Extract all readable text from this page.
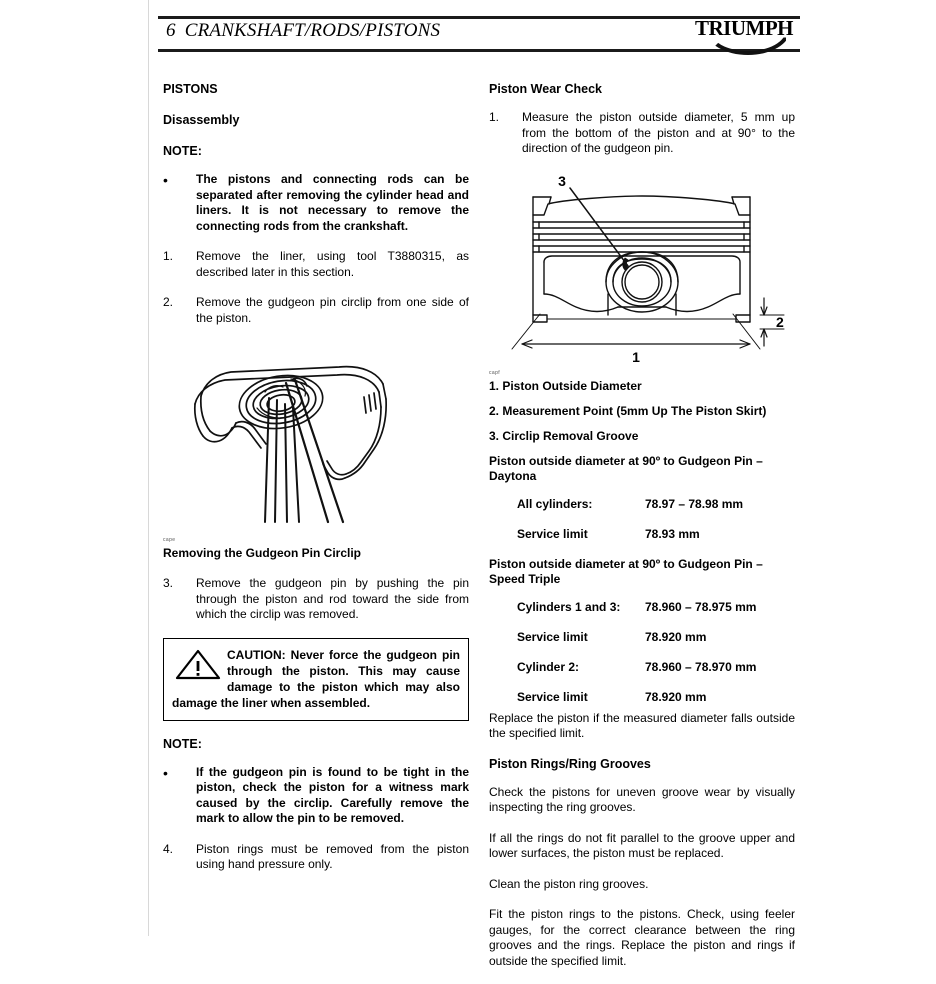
6 CRANKSHAFT/RODS/PISTONS	TRIUMPH
PISTONS
Disassembly
NOTE:
• The pistons and connecting rods can be separated after removing the cylinder head and liners. It is not necessary to remove the connecting rods from the crankshaft.
1. Remove the liner, using tool T3880315, as described later in this section.
2. Remove the gudgeon pin circlip from one side of the piston.
cape
Removing the Gudgeon Pin Circlip
3. Remove the gudgeon pin by pushing the pin through the piston and rod toward the side from which the circlip was removed.
CAUTION: Never force the gudgeon pin through the piston. This may cause damage to the piston which may also damage the liner when assembled.
NOTE:
• If the gudgeon pin is found to be tight in the piston, check the piston for a witness mark caused by the circlip. Carefully remove the mark to allow the pin to be removed.
4. Piston rings must be removed from the piston using hand pressure only.
Piston Wear Check
1. Measure the piston outside diameter, 5 mm up from the bottom of the piston and at 90° to the direction of the gudgeon pin.
capf
1. Piston Outside Diameter
2. Measurement Point (5mm Up The Piston Skirt)
3. Circlip Removal Groove
Piston outside diameter at 90º to Gudgeon Pin – Daytona
All cylinders:	78.97 – 78.98 mm
Service limit	78.93 mm
Piston outside diameter at 90º to Gudgeon Pin – Speed Triple
Cylinders 1 and 3:	78.960 – 78.975 mm
Service limit	78.920 mm
Cylinder 2:	78.960 – 78.970 mm
Service limit	78.920 mm
Replace the piston if the measured diameter falls outside the specified limit.
Piston Rings/Ring Grooves
Check the pistons for uneven groove wear by visually inspecting the ring grooves.
If all the rings do not fit parallel to the groove upper and lower surfaces, the piston must be replaced.
Clean the piston ring grooves.
Fit the piston rings to the pistons. Check, using feeler gauges, for the correct clearance between the ring grooves and the rings. Replace the piston and rings if outside the specified limit.
3
1
2
